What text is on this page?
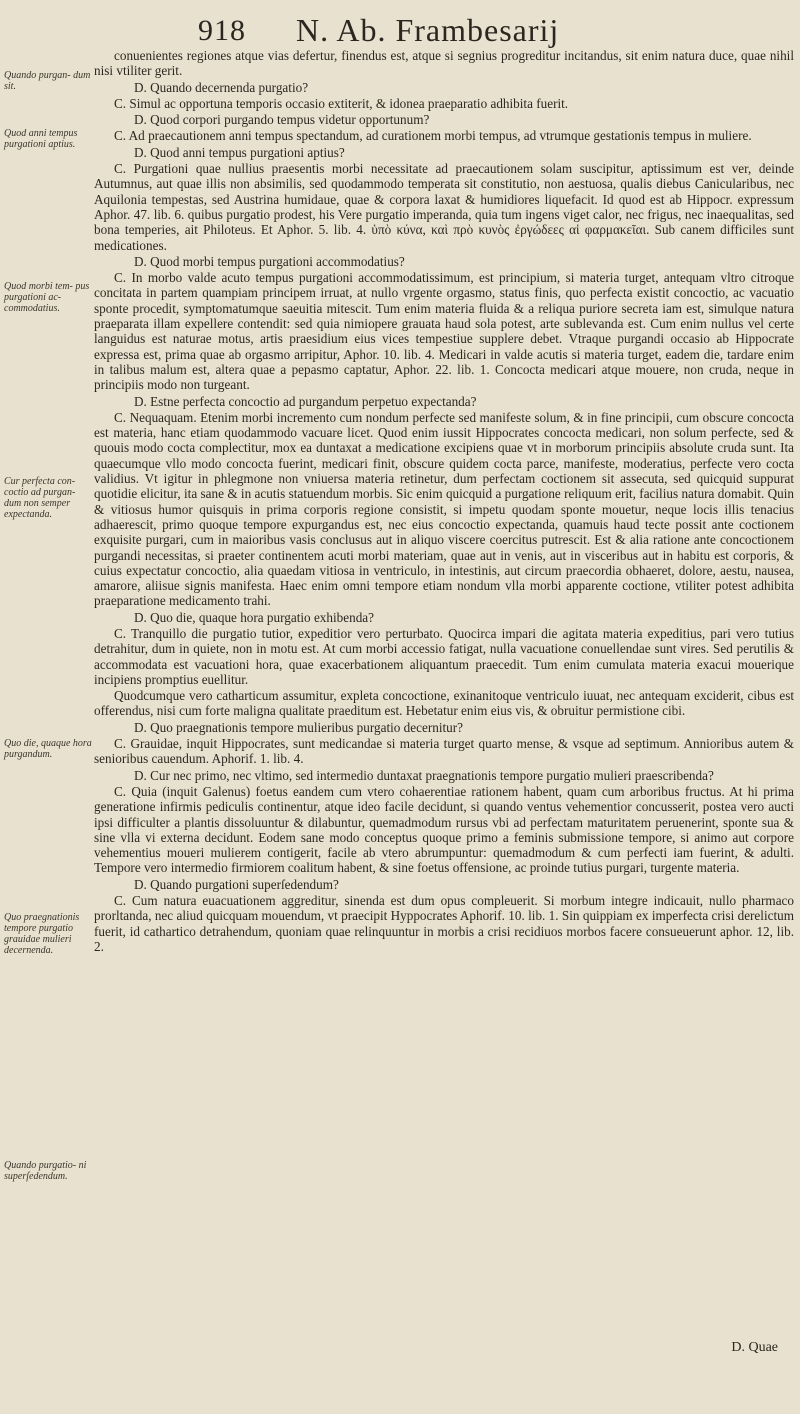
918 N. Ab. Frambesarij
Quando purgan- dum sit.
Quod anni tempus purgationi aptius.
Quod morbi tem- pus purgationi ac- commodatius.
Cur perfecta con- coctio ad purgan- dum non semper expectanda.
Quo die, quaque hora purgandum.
Quo praegnationis tempore purgatio grauidae mulieri decernenda.
Quando purgatio- ni superſedendum.

conuenientes regiones atque vias defertur, finendus est, atque si segnius progreditur incitandus, sit enim natura duce, quae nihil nisi vtiliter gerit.

D. Quando decernenda purgatio?

C. Simul ac opportuna temporis occasio extiterit, & idonea praeparatio adhibita fuerit.

D. Quod corpori purgando tempus videtur opportunum?

C. Ad praecautionem anni tempus spectandum, ad curationem morbi tempus, ad vtrumque gestationis tempus in muliere.

D. Quod anni tempus purgationi aptius?

C. Purgationi quae nullius praesentis morbi necessitate ad praecautionem solam suscipitur, aptissimum est ver, deinde Autumnus, aut quae illis non absimilis, sed quodammodo temperata sit constitutio, non aestuosa, qualis diebus Canicularibus, nec Aquilonia tempestas, sed Austrina humidaue, quae & corpora laxat & humidiores liquefacit. Id quod est ab Hippocr. expressum Aphor. 47. lib. 6. quibus purgatio prodest, his Vere purgatio imperanda, quia tum ingens viget calor, nec frigus, nec inaequalitas, sed bona temperies, ait Philoteus. Et Aphor. 5. lib. 4. ὑπὸ κύνα, καὶ πρὸ κυνὸς ἐργώδεες αἱ φαρμακεῖαι. Sub canem difficiles sunt medicationes.

D. Quod morbi tempus purgationi accommodatius?

C. In morbo valde acuto tempus purgationi accommodatissimum, est principium, si materia turget, antequam vltro citroque concitata in partem quampiam principem irruat, at nullo vrgente orgasmo, status finis, quo perfecta existit concoctio, ac vacuatio sponte procedit, symptomatumque saeuitia mitescit. Tum enim materia fluida & a reliqua puriore secreta iam est, simulque natura praeparata illam expellere contendit: sed quia nimiopere grauata haud sola potest, arte sublevanda est. Cum enim nullus vel certe languidus est naturae motus, artis praesidium eius vices tempestiue supplere debet. Vtraque purgandi occasio ab Hippocrate expressa est, prima quae ab orgasmo arripitur, Aphor. 10. lib. 4. Medicari in valde acutis si materia turget, eadem die, tardare enim in talibus malum est, altera quae a pepasmo captatur, Aphor. 22. lib. 1. Concocta medicari atque mouere, non cruda, neque in principiis modo non turgeant.

D. Estne perfecta concoctio ad purgandum perpetuo expectanda?

C. Nequaquam. Etenim morbi incremento cum nondum perfecte sed manifeste solum, & in fine principii, cum obscure concocta est materia, hanc etiam quodammodo vacuare licet. Quod enim iussit Hippocrates concocta medicari, non solum perfecte, sed & quouis modo cocta complectitur, mox ea duntaxat a medicatione excipiens quae vt in morborum principiis absolute cruda sunt. Ita quaecumque vllo modo concocta fuerint, medicari finit, obscure quidem cocta parce, manifeste, moderatius, perfecte vero cocta validius. Vt igitur in phlegmone non vniuersa materia retinetur, dum perfectam coctionem sit assecuta, sed quicquid suppurat quotidie elicitur, ita sane & in acutis statuendum morbis. Sic enim quicquid a purgatione reliquum erit, facilius natura domabit. Quin & vitiosus humor quisquis in prima corporis regione consistit, si impetu quodam sponte mouetur, neque locis illis tenacius adhaerescit, primo quoque tempore expurgandus est, nec eius concoctio expectanda, quamuis haud tecte possit ante coctionem exquisite purgari, cum in maioribus vasis conclusus aut in aliquo viscere coercitus putrescit. Est & alia ratione ante concoctionem purgandi necessitas, si praeter continentem acuti morbi materiam, quae aut in venis, aut in visceribus aut in habitu est corporis, & cuius expectatur concoctio, alia quaedam vitiosa in ventriculo, in intestinis, aut circum praecordia obhaeret, dolore, aestu, nausea, amarore, aliisue signis manifesta. Haec enim omni tempore etiam nondum vlla morbi apparente coctione, vtiliter potest adhibita praeparatione medicamento trahi.

D. Quo die, quaque hora purgatio exhibenda?

C. Tranquillo die purgatio tutior, expeditior vero perturbato. Quocirca impari die agitata materia expeditius, pari vero tutius detrahitur, dum in quiete, non in motu est. At cum morbi accessio fatigat, nulla vacuatione conuellendae sunt vires. Sed perutilis & accommodata est vacuationi hora, quae exacerbationem aliquantum praecedit. Tum enim cumulata materia exacui mouerique incipiens promptius euellitur.

Quodcumque vero catharticum assumitur, expleta concoctione, exinanitoque ventriculo iuuat, nec antequam exciderit, cibus est offerendus, nisi cum forte maligna qualitate praeditum est. Hebetatur enim eius vis, & obruitur permistione cibi.

D. Quo praegnationis tempore mulieribus purgatio decernitur?

C. Grauidae, inquit Hippocrates, sunt medicandae si materia turget quarto mense, & vsque ad septimum. Annioribus autem & senioribus cauendum. Aphorif. 1. lib. 4.

D. Cur nec primo, nec vltimo, sed intermedio duntaxat praegnationis tempore purgatio mulieri praescribenda?

C. Quia (inquit Galenus) foetus eandem cum vtero cohaerentiae rationem habent, quam cum arboribus fructus. At hi prima generatione infirmis pediculis continentur, atque ideo facile decidunt, si quando ventus vehementior concusserit, postea vero aucti ipsi difficulter a plantis dissoluuntur & dilabuntur, quemadmodum rursus vbi ad perfectam maturitatem peruenerint, sponte sua & sine vlla vi externa decidunt. Eodem sane modo conceptus quoque primo a feminis submissione tempore, si animo aut corpore vehementius moueri mulierem contigerit, facile ab vtero abrumpuntur: quemadmodum & cum perfecti iam fuerint, & adulti. Tempore vero intermedio firmiorem coalitum habent, & sine foetus offensione, ac proinde tutius purgari, turgente materia.

D. Quando purgationi superſedendum?

C. Cum natura euacuationem aggreditur, sinenda est dum opus compleuerit. Si morbum integre indicauit, nullo pharmaco prorltanda, nec aliud quicquam mouendum, vt praecipit Hyppocrates Aphorif. 10. lib. 1. Sin quippiam ex imperfecta crisi derelictum fuerit, id cathartico detrahendum, quoniam quae relinquuntur in morbis a crisi recidiuos morbos facere consueuerunt aphor. 12, lib. 2.

D. Quae
